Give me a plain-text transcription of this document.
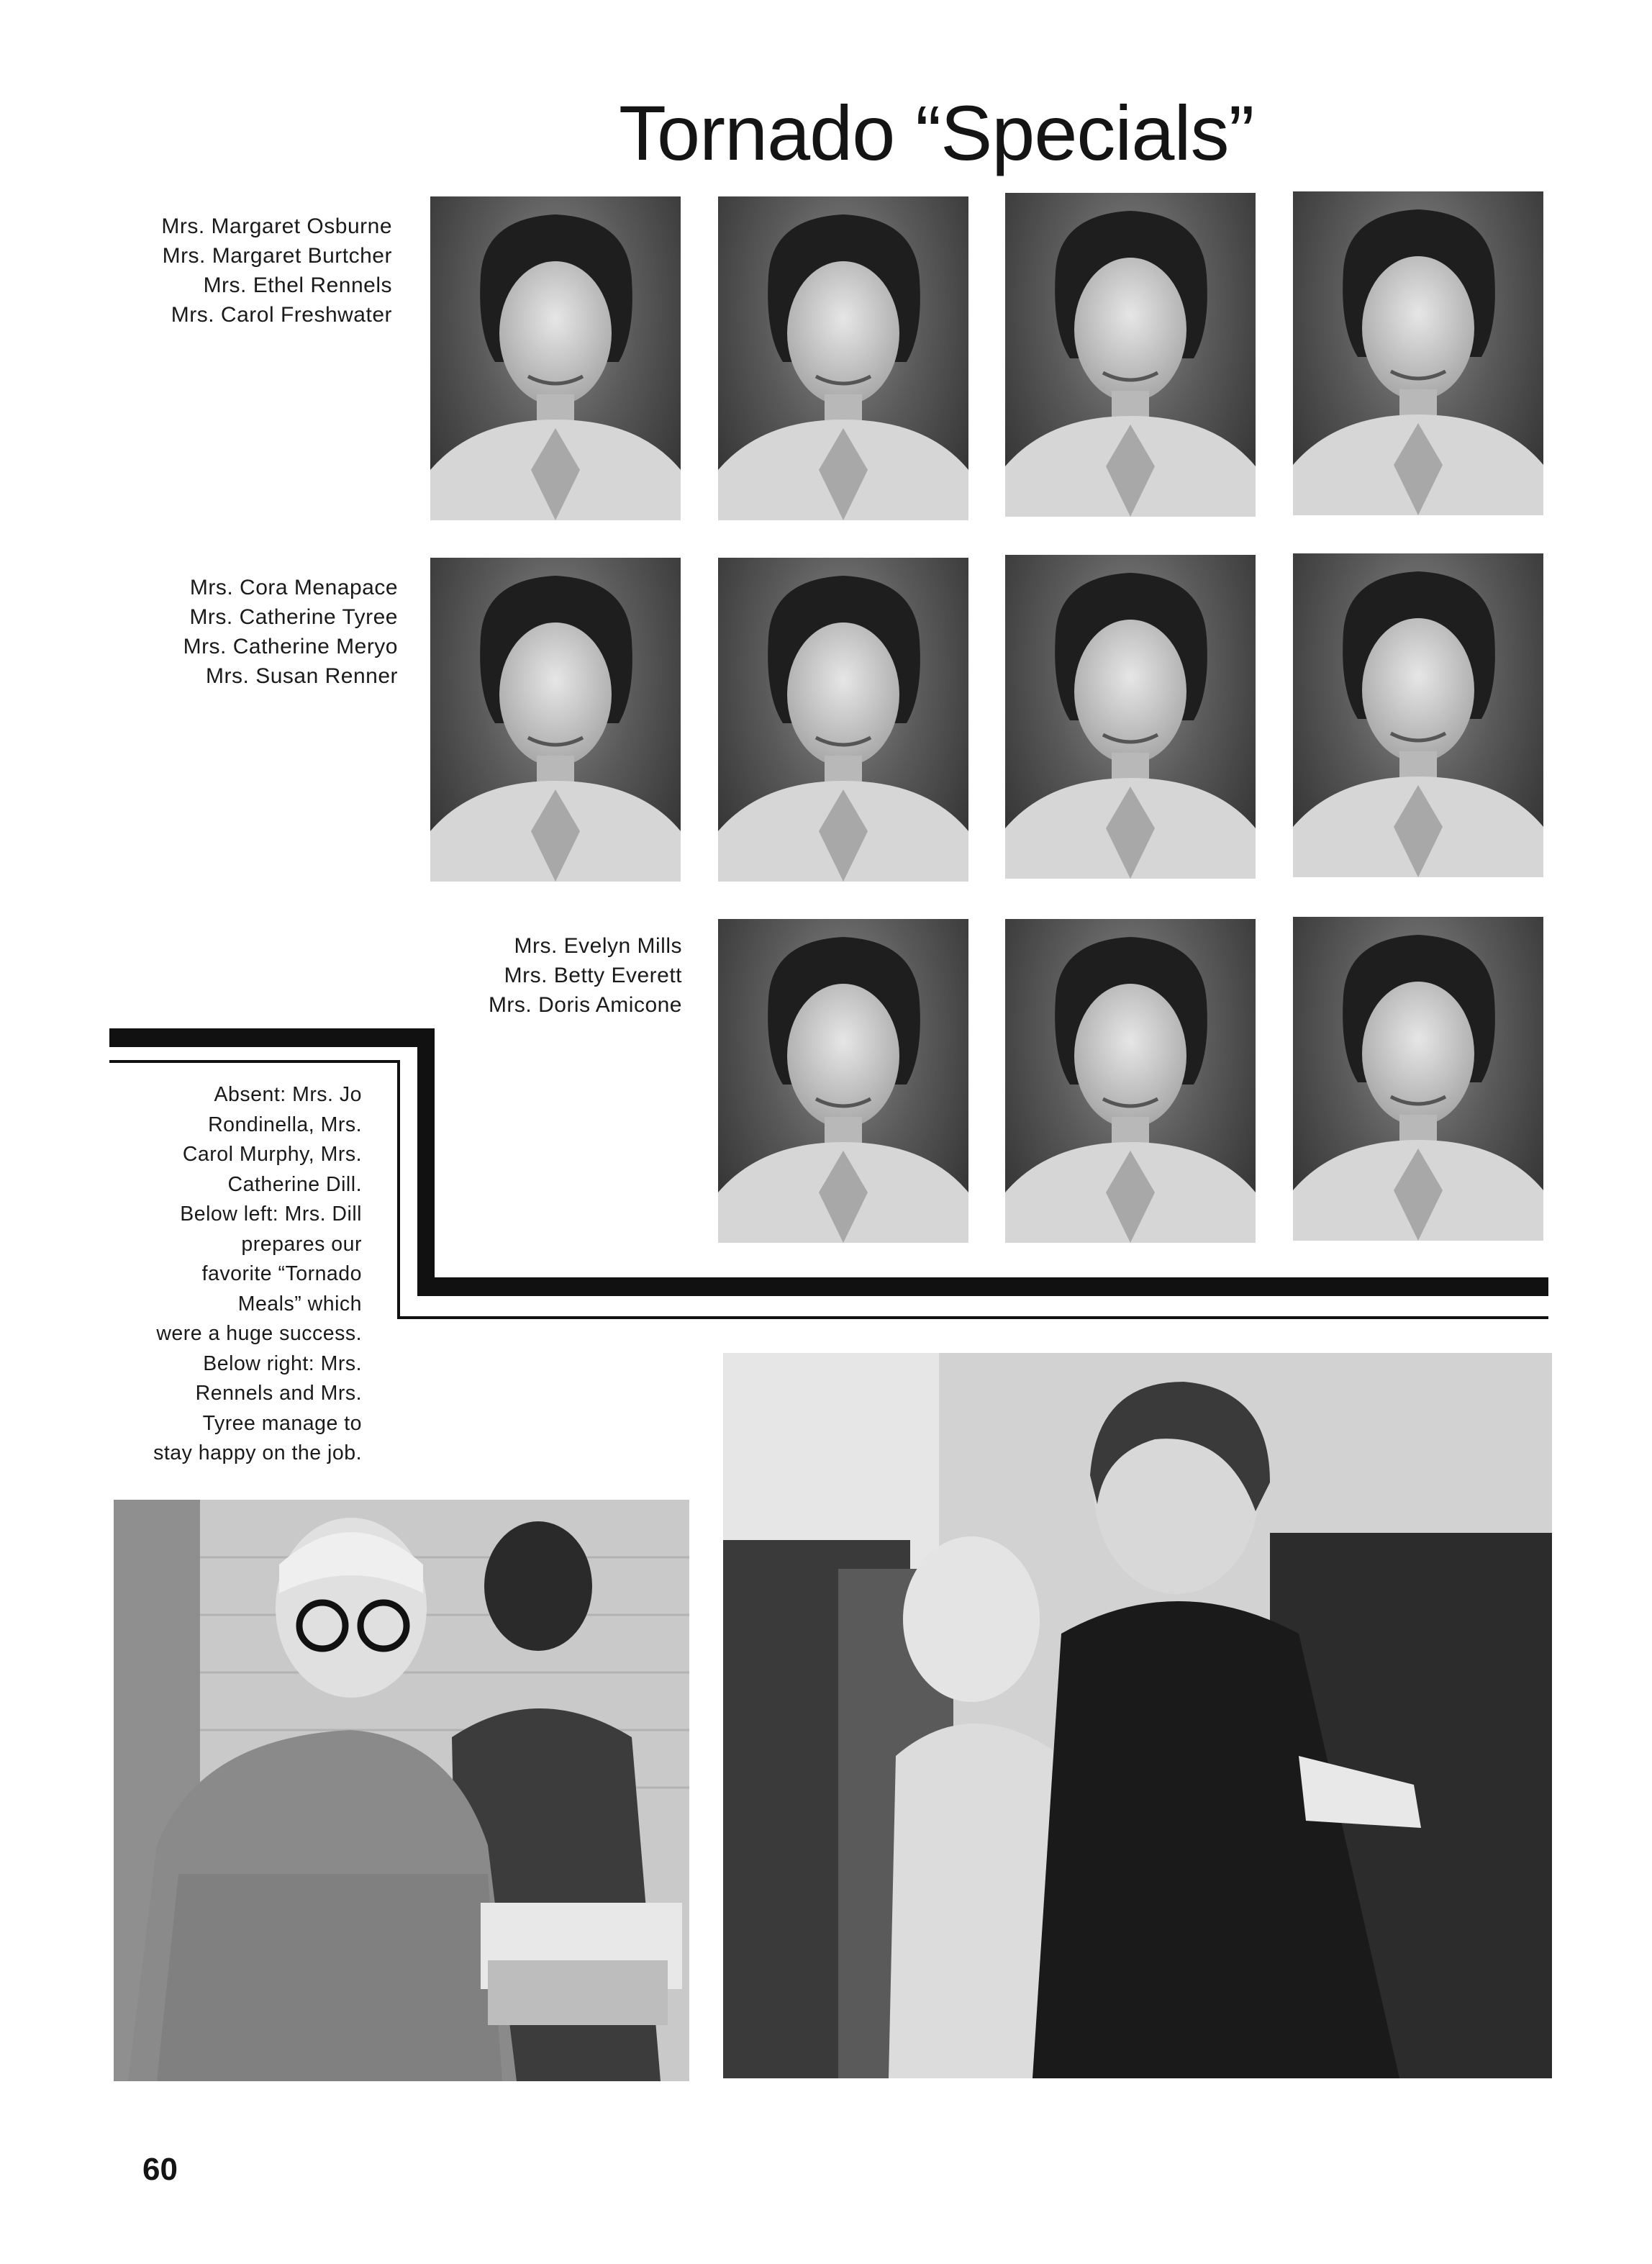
Tornado “Specials”
Mrs. Margaret Osburne
Mrs. Margaret Burtcher
Mrs. Ethel Rennels
Mrs. Carol Freshwater
Mrs. Cora Menapace
Mrs. Catherine Tyree
Mrs. Catherine Meryo
Mrs. Susan Renner
Mrs. Evelyn Mills
Mrs. Betty Everett
Mrs. Doris Amicone
Absent: Mrs. Jo
Rondinella, Mrs.
Carol Murphy, Mrs.
Catherine Dill.
Below left: Mrs. Dill
prepares our
favorite “Tornado
Meals” which
were a huge success.
Below right: Mrs.
Rennels and Mrs.
Tyree manage to
stay happy on the job.
60
